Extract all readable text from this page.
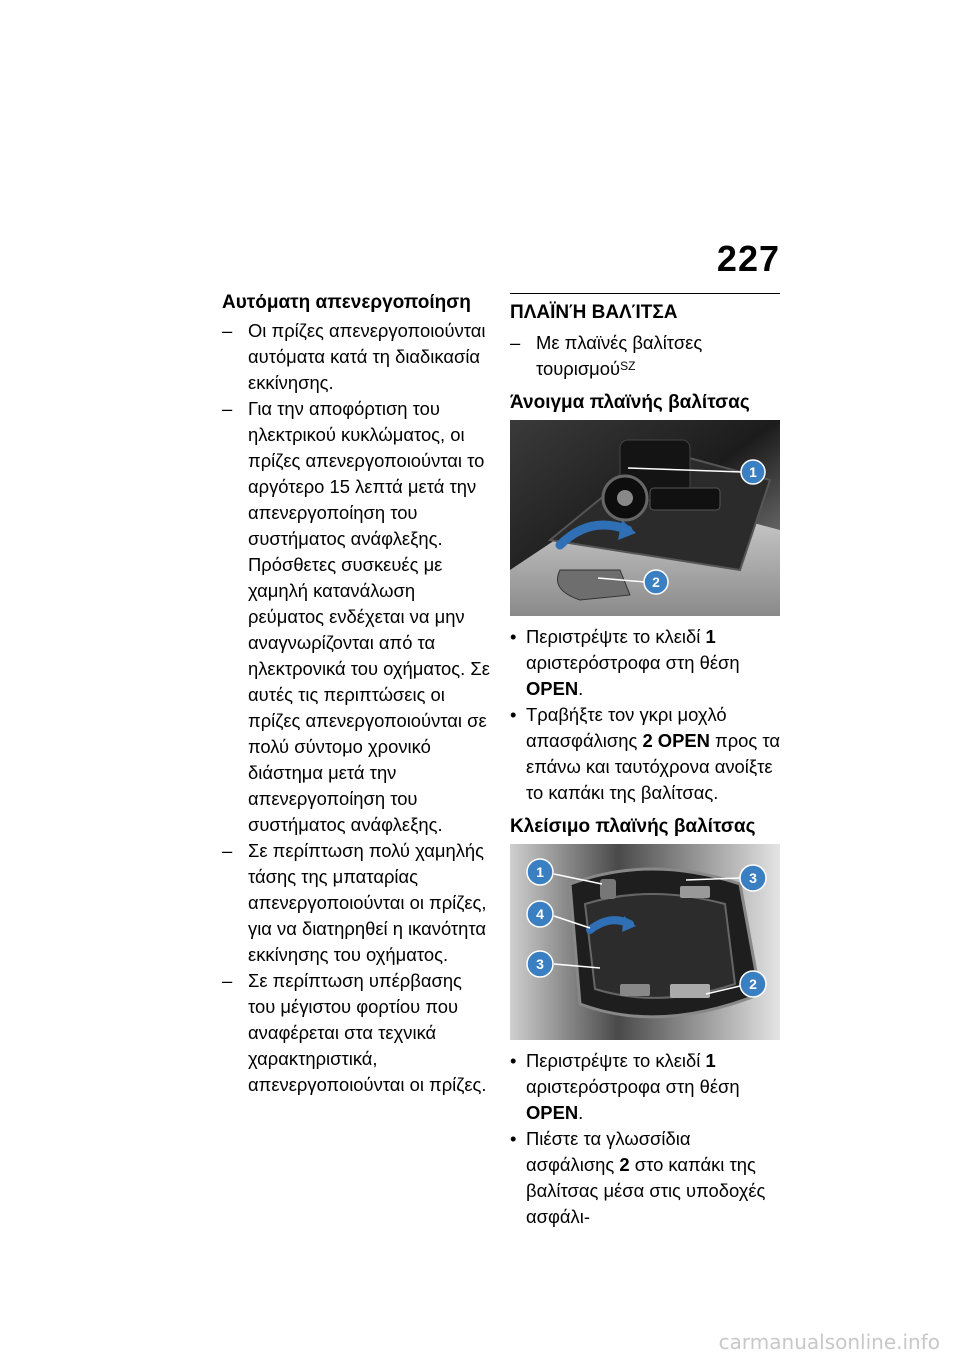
227
Αυτόματη απενεργοποίηση
– Οι πρίζες απενεργοποιούνται αυτόματα κατά τη διαδικασία εκκίνησης.
– Για την αποφόρτιση του ηλεκτρικού κυκλώματος, οι πρίζες απενεργοποιούνται το αργότερο 15 λεπτά μετά την απενεργοποίηση του συστήματος ανάφλεξης. Πρόσθετες συσκευές με χαμηλή κατανάλωση ρεύματος ενδέχεται να μην αναγνωρίζονται από τα ηλεκτρονικά του οχήματος. Σε αυτές τις περιπτώσεις οι πρίζες απενεργοποιούνται σε πολύ σύντομο χρονικό διάστημα μετά την απενεργοποίηση του συστήματος ανάφλεξης.
– Σε περίπτωση πολύ χαμηλής τάσης της μπαταρίας απενεργοποιούνται οι πρίζες, για να διατηρηθεί η ικανότητα εκκίνησης του οχήματος.
– Σε περίπτωση υπέρβασης του μέγιστου φορτίου που αναφέρεται στα τεχνικά χαρακτηριστικά, απενεργοποιούνται οι πρίζες.
ΠΛΑΪΝΉ ΒΑΛΊΤΣΑ
– Με πλαϊνές βαλίτσες τουρισμού$^{SZ}$
Άνοιγμα πλαϊνής βαλίτσας
1
2
• Περιστρέψτε το κλειδί 1 αριστερόστροφα στη θέση OPEN.
• Τραβήξτε τον γκρι μοχλό απασφάλισης 2 OPEN προς τα επάνω και ταυτόχρονα ανοίξτε το καπάκι της βαλίτσας.
Κλείσιμο πλαϊνής βαλίτσας
1
4
3
3
2
• Περιστρέψτε το κλειδί 1 αριστερόστροφα στη θέση OPEN.
• Πιέστε τα γλωσσίδια ασφάλισης 2 στο καπάκι της βαλίτσας μέσα στις υποδοχές ασφάλι-
carmanualsonline.info
